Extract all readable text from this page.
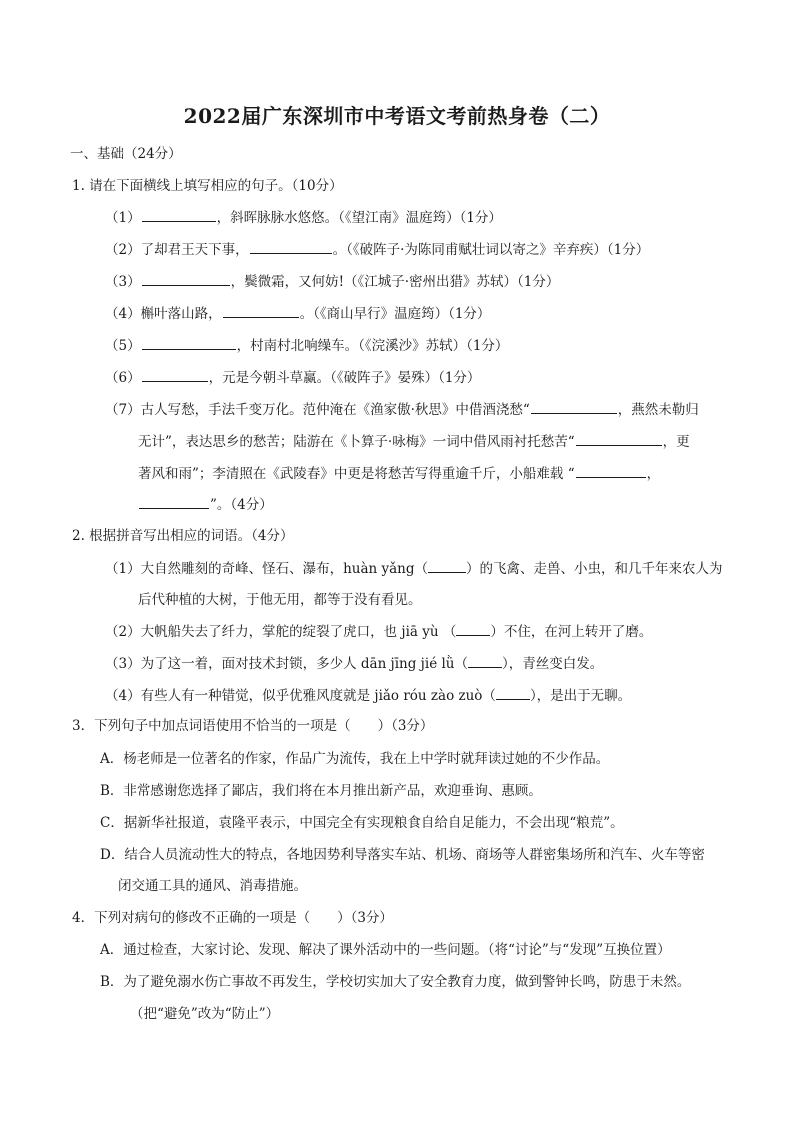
2022届广东深圳市中考语文考前热身卷（二）
一、基础（24分）
1. 请在下面横线上填写相应的句子。（10分）
（1）	，斜晖脉脉水悠悠。（《望江南》温庭筠）（1分）
（2）了却君王天下事，	。（《破阵子·为陈同甫赋壮词以寄之》辛弃疾）（1分）
（3）	，鬓微霜，又何妨!（《江城子·密州出猎》苏轼）（1分）
（4）槲叶落山路，	。（《商山早行》温庭筠）（1分）
（5）	，村南村北响缲车。（《浣溪沙》苏轼）（1分）
（6）	，元是今朝斗草赢。（《破阵子》晏殊）（1分）
（7）古人写愁，手法千变万化。范仲淹在《渔家傲·秋思》中借酒浇愁“	，燕然未勒归
无计”，表达思乡的愁苦；陆游在《卜算子·咏梅》一词中借风雨衬托愁苦“	，更
著风和雨”；李清照在《武陵春》中更是将愁苦写得重逾千斤，小船难载 “	，
”。（4分）
2. 根据拼音写出相应的词语。（4分）
（1）大自然雕刻的奇峰、怪石、瀑布，huàn yǎng（	）的飞禽、走兽、小虫，和几千年来农人为
后代种植的大树，于他无用，都等于没有看见。
（2）大帆船失去了纤力，掌舵的绽裂了虎口，也 jiā yù （	）不住，在河上转开了磨。
（3）为了这一着，面对技术封锁，多少人 dān jīng jié lǜ（	），青丝变白发。
（4）有些人有一种错觉，似乎优雅风度就是 jiǎo róu zào zuò（	），是出于无聊。
3．下列句子中加点词语使用不恰当的一项是（　　）（3分）
A．杨老师是一位著名的作家，作品广为流传，我在上中学时就拜读过她的不少作品。
B．非常感谢您选择了鄙店，我们将在本月推出新产品，欢迎垂询、惠顾。
C．据新华社报道，袁隆平表示，中国完全有实现粮食自给自足能力，不会出现“粮荒”。
D．结合人员流动性大的特点，各地因势利导落实车站、机场、商场等人群密集场所和汽车、火车等密
闭交通工具的通风、消毒措施。
4．下列对病句的修改不正确的一项是（　　）（3分）
A．通过检查，大家讨论、发现、解决了课外活动中的一些问题。（将“讨论”与“发现”互换位置）
B．为了避免溺水伤亡事故不再发生，学校切实加大了安全教育力度，做到警钟长鸣，防患于未然。
（把“避免”改为“防止”）
